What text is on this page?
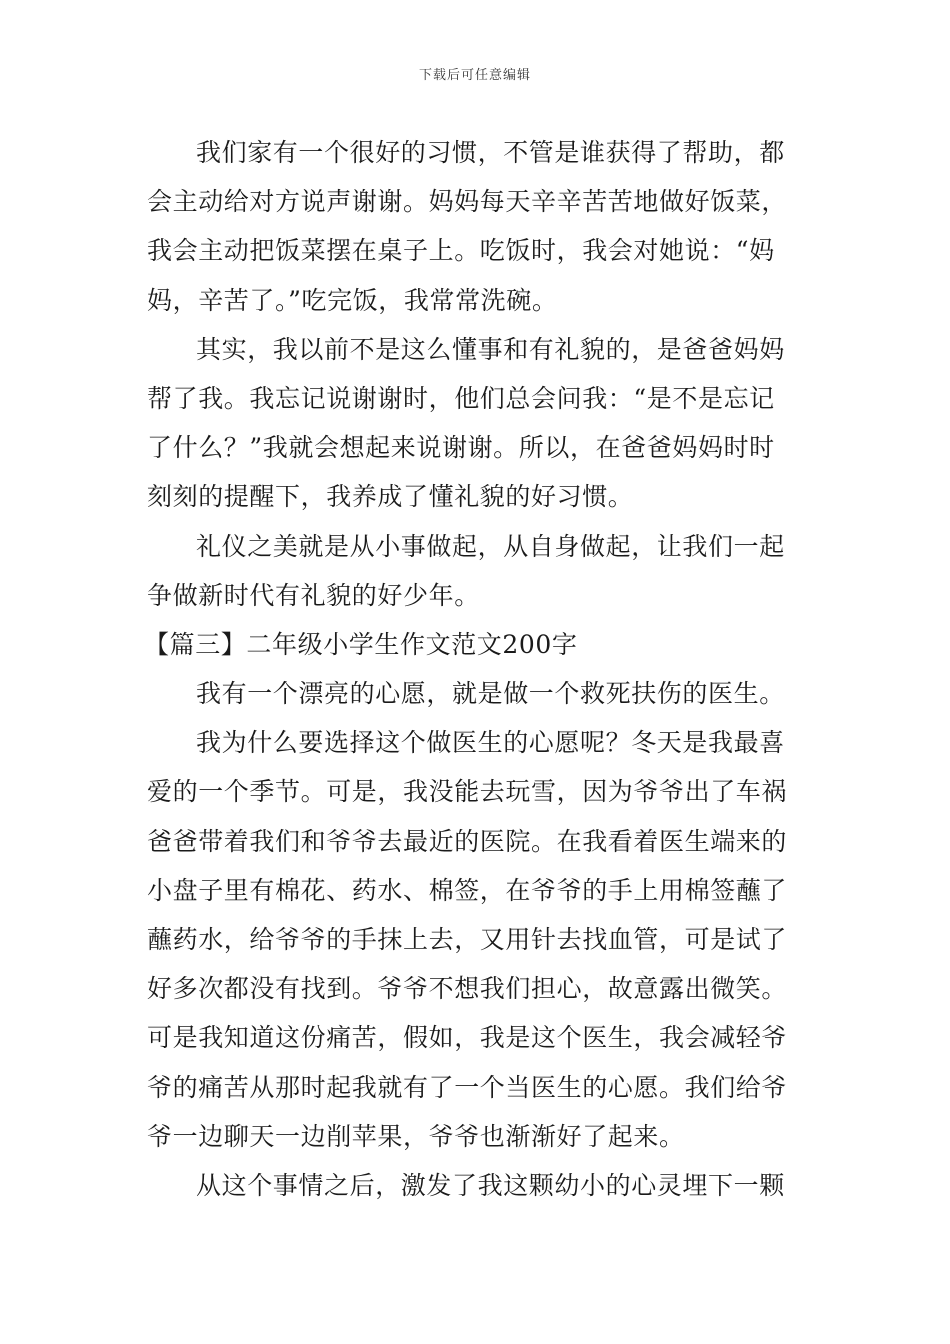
下载后可任意编辑
我们家有一个很好的习惯，不管是谁获得了帮助，都
会主动给对方说声谢谢。妈妈每天辛辛苦苦地做好饭菜，
我会主动把饭菜摆在桌子上。吃饭时，我会对她说：“妈
妈，辛苦了。”吃完饭，我常常洗碗。
其实，我以前不是这么懂事和有礼貌的，是爸爸妈妈
帮了我。我忘记说谢谢时，他们总会问我：“是不是忘记
了什么？”我就会想起来说谢谢。所以，在爸爸妈妈时时
刻刻的提醒下，我养成了懂礼貌的好习惯。
礼仪之美就是从小事做起，从自身做起，让我们一起
争做新时代有礼貌的好少年。
【篇三】二年级小学生作文范文200字
我有一个漂亮的心愿，就是做一个救死扶伤的医生。
我为什么要选择这个做医生的心愿呢？冬天是我最喜
爱的一个季节。可是，我没能去玩雪，因为爷爷出了车祸
爸爸带着我们和爷爷去最近的医院。在我看着医生端来的
小盘子里有棉花、药水、棉签，在爷爷的手上用棉签蘸了
蘸药水，给爷爷的手抹上去，又用针去找血管，可是试了
好多次都没有找到。爷爷不想我们担心，故意露出微笑。
可是我知道这份痛苦，假如，我是这个医生，我会减轻爷
爷的痛苦从那时起我就有了一个当医生的心愿。我们给爷
爷一边聊天一边削苹果，爷爷也渐渐好了起来。
从这个事情之后，激发了我这颗幼小的心灵埋下一颗
